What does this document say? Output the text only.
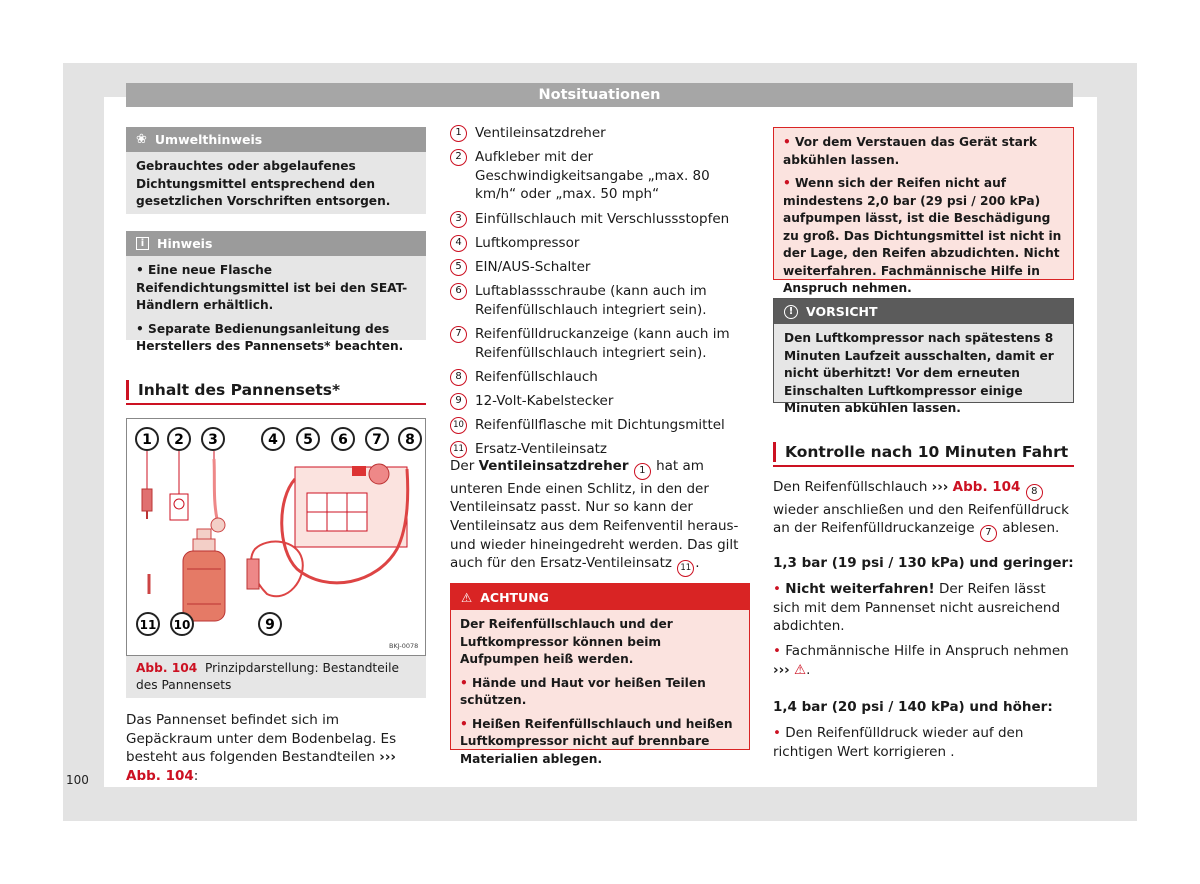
Notsituationen
❀ Umwelthinweis

Gebrauchtes oder abgelaufenes Dichtungsmittel entsprechend den gesetzlichen Vorschriften entsorgen.

i	Hinweis

• Eine neue Flasche Reifendichtungsmittel ist bei den SEAT-Händlern erhältlich.

• Separate Bedienungsanleitung des Herstellers des Pannensets* beachten.

Inhalt des Pannensets*
1 2 3	4 5 6 7 8
9
10
11
BKJ-0078
Abb. 104 Prinzipdarstellung: Bestandteile des Pannensets
Das Pannenset befindet sich im Gepäckraum unter dem Bodenbelag. Es besteht aus folgenden Bestandteilen ››› Abb. 104:
100
1 Ventileinsatzdreher
2 Aufkleber mit der Geschwindigkeitsangabe „max. 80 km/h“ oder „max. 50 mph“
3 Einfüllschlauch mit Verschlussstopfen
4 Luftkompressor
5 EIN/AUS-Schalter
6 Luftablassschraube (kann auch im Reifenfüllschlauch integriert sein).
7 Reifenfülldruckanzeige (kann auch im Reifenfüllschlauch integriert sein).
8 Reifenfüllschlauch
9 12-Volt-Kabelstecker
10 Reifenfüllflasche mit Dichtungsmittel
11 Ersatz-Ventileinsatz
Der Ventileinsatzdreher 1 hat am unteren Ende einen Schlitz, in den der Ventileinsatz passt. Nur so kann der Ventileinsatz aus dem Reifenventil heraus- und wieder hineingedreht werden. Das gilt auch für den Ersatz-Ventileinsatz 11 .
⚠ ACHTUNG

Der Reifenfüllschlauch und der Luftkompressor können beim Aufpumpen heiß werden.

• Hände und Haut vor heißen Teilen schützen.

• Heißen Reifenfüllschlauch und heißen Luftkompressor nicht auf brennbare Materialien ablegen.

• Vor dem Verstauen das Gerät stark abkühlen lassen.

• Wenn sich der Reifen nicht auf mindestens 2,0 bar (29 psi / 200 kPa) aufpumpen lässt, ist die Beschädigung zu groß. Das Dichtungsmittel ist nicht in der Lage, den Reifen abzudichten. Nicht weiterfahren. Fachmännische Hilfe in Anspruch nehmen.

!	VORSICHT

Den Luftkompressor nach spätestens 8 Minuten Laufzeit ausschalten, damit er nicht überhitzt! Vor dem erneuten Einschalten Luftkompressor einige Minuten abkühlen lassen.

Kontrolle nach 10 Minuten Fahrt
Den Reifenfüllschlauch ››› Abb. 104 8 wieder anschließen und den Reifenfülldruck an der Reifenfülldruckanzeige 7 ablesen.
1,3 bar (19 psi / 130 kPa) und geringer:
• Nicht weiterfahren! Der Reifen lässt sich mit dem Pannenset nicht ausreichend abdichten.
• Fachmännische Hilfe in Anspruch nehmen
››› ⚠.
1,4 bar (20 psi / 140 kPa) und höher:
• Den Reifenfülldruck wieder auf den richtigen Wert korrigieren .
